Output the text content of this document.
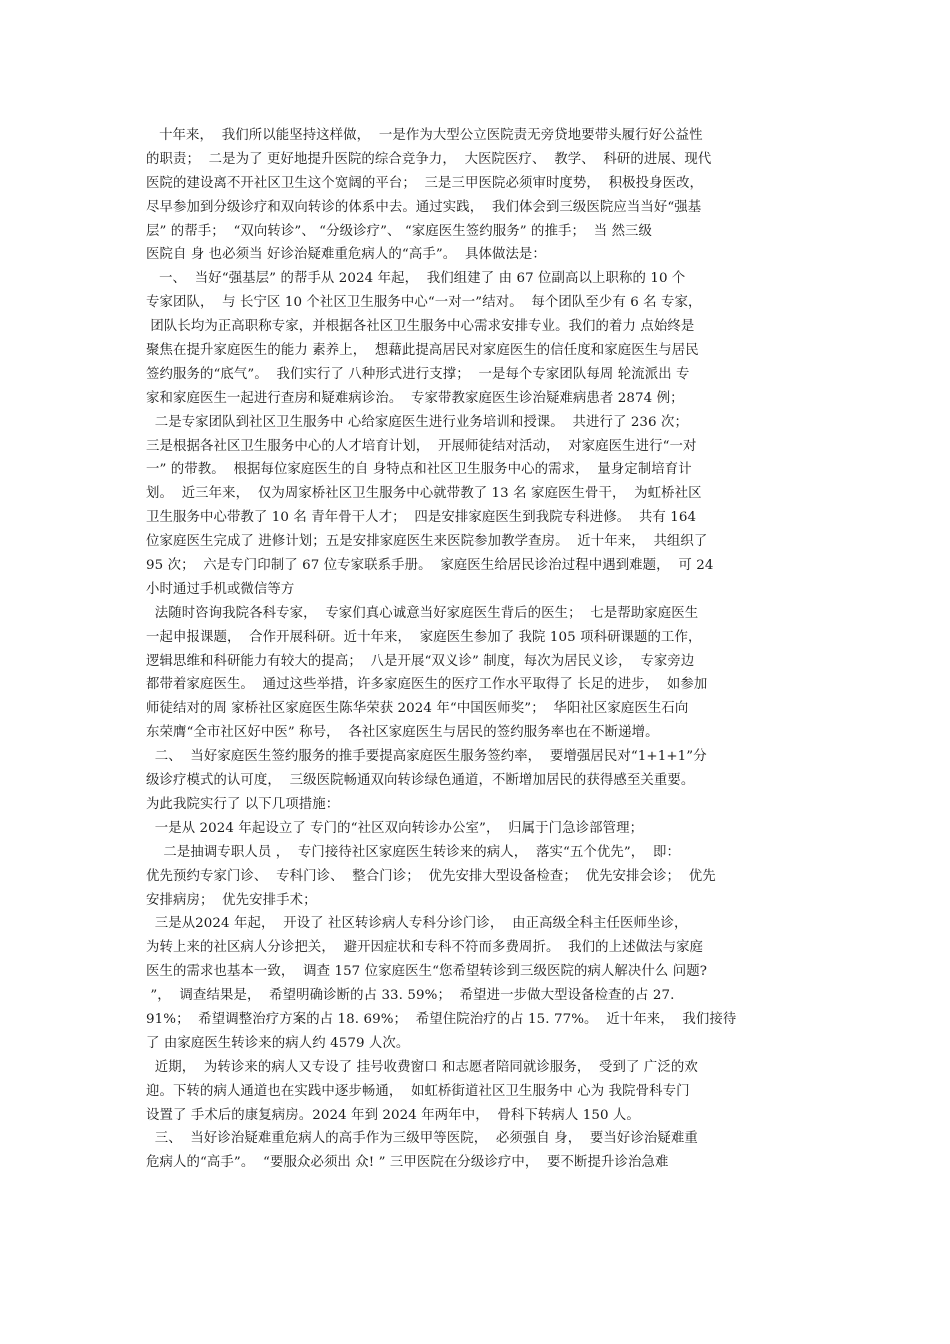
十年来，  我们所以能坚持这样做，  一是作为大型公立医院责无旁贷地要带头履行好公益性
的职责；  二是为了 更好地提升医院的综合竞争力，  大医院医疗、  教学、  科研的进展、现代
医院的建设离不开社区卫生这个宽阔的平台；  三是三甲医院必须审时度势，  积极投身医改，
尽早参加到分级诊疗和双向转诊的体系中去。通过实践，  我们体会到三级医院应当当好“强基
层” 的帮手；  “双向转诊”、 “分级诊疗”、 “家庭医生签约服务” 的推手；  当 然三级
医院自 身 也必须当 好诊治疑难重危病人的“高手”。  具体做法是：
一、  当好“强基层” 的帮手从 2024 年起，  我们组建了 由 67 位副高以上职称的 10 个
专家团队，  与 长宁区 10 个社区卫生服务中心“一对一”结对。  每个团队至少有 6 名 专家，
团队长均为正高职称专家，并根据各社区卫生服务中心需求安排专业。我们的着力 点始终是
聚焦在提升家庭医生的能力 素养上，  想藉此提高居民对家庭医生的信任度和家庭医生与居民
签约服务的“底气”。  我们实行了 八种形式进行支撑；  一是每个专家团队每周 轮流派出 专
家和家庭医生一起进行查房和疑难病诊治。  专家带教家庭医生诊治疑难病患者 2874 例；
二是专家团队到社区卫生服务中 心给家庭医生进行业务培训和授课。  共进行了 236 次；
三是根据各社区卫生服务中心的人才培育计划，  开展师徒结对活动，  对家庭医生进行“一对
一” 的带教。  根据每位家庭医生的自 身特点和社区卫生服务中心的需求，  量身定制培育计
划。  近三年来，  仅为周家桥社区卫生服务中心就带教了 13 名 家庭医生骨干，  为虹桥社区
卫生服务中心带教了 10 名 青年骨干人才；  四是安排家庭医生到我院专科进修。  共有 164
位家庭医生完成了 进修计划；五是安排家庭医生来医院参加教学查房。  近十年来，  共组织了
95 次；  六是专门印制了 67 位专家联系手册。  家庭医生给居民诊治过程中遇到难题，  可 24
小时通过手机或微信等方
法随时咨询我院各科专家，  专家们真心诚意当好家庭医生背后的医生；  七是帮助家庭医生
一起申报课题，  合作开展科研。近十年来，  家庭医生参加了 我院 105 项科研课题的工作，
逻辑思维和科研能力有较大的提高；  八是开展“双义诊” 制度，每次为居民义诊，  专家旁边
都带着家庭医生。  通过这些举措，许多家庭医生的医疗工作水平取得了 长足的进步，  如参加
师徒结对的周 家桥社区家庭医生陈华荣获 2024 年“中国医师奖”；  华阳社区家庭医生石向
东荣膺“全市社区好中医” 称号，  各社区家庭医生与居民的签约服务率也在不断递增。
二、  当好家庭医生签约服务的推手要提高家庭医生服务签约率，  要增强居民对“1+1+1”分
级诊疗模式的认可度，  三级医院畅通双向转诊绿色通道，不断增加居民的获得感至关重要。
为此我院实行了 以下几项措施：
一是从 2024 年起设立了 专门的“社区双向转诊办公室”，  归属于门急诊部管理；
二是抽调专职人员 ，  专门接待社区家庭医生转诊来的病人，  落实“五个优先”，  即：
优先预约专家门诊、  专科门诊、  整合门诊；  优先安排大型设备检查；  优先安排会诊；  优先
安排病房；  优先安排手术；
三是从2024 年起，  开设了 社区转诊病人专科分诊门诊，  由正高级全科主任医师坐诊，
为转上来的社区病人分诊把关，  避开因症状和专科不符而多费周折。  我们的上述做法与家庭
医生的需求也基本一致，  调查 157 位家庭医生“您希望转诊到三级医院的病人解决什么 问题?
”，  调查结果是，  希望明确诊断的占 33. 59%；  希望进一步做大型设备检查的占 27.
91%；  希望调整治疗方案的占 18. 69%；  希望住院治疗的占 15. 77%。  近十年来，  我们接待
了 由家庭医生转诊来的病人约 4579 人次。
近期，  为转诊来的病人又专设了 挂号收费窗口 和志愿者陪同就诊服务，  受到了 广泛的欢
迎。下转的病人通道也在实践中逐步畅通，  如虹桥街道社区卫生服务中 心为 我院骨科专门
设置了 手术后的康复病房。2024 年到 2024 年两年中，  骨科下转病人 150 人。
三、  当好诊治疑难重危病人的高手作为三级甲等医院，  必须强自 身，  要当好诊治疑难重
危病人的“高手”。  “要服众必须出 众! ” 三甲医院在分级诊疗中，  要不断提升诊治急难
